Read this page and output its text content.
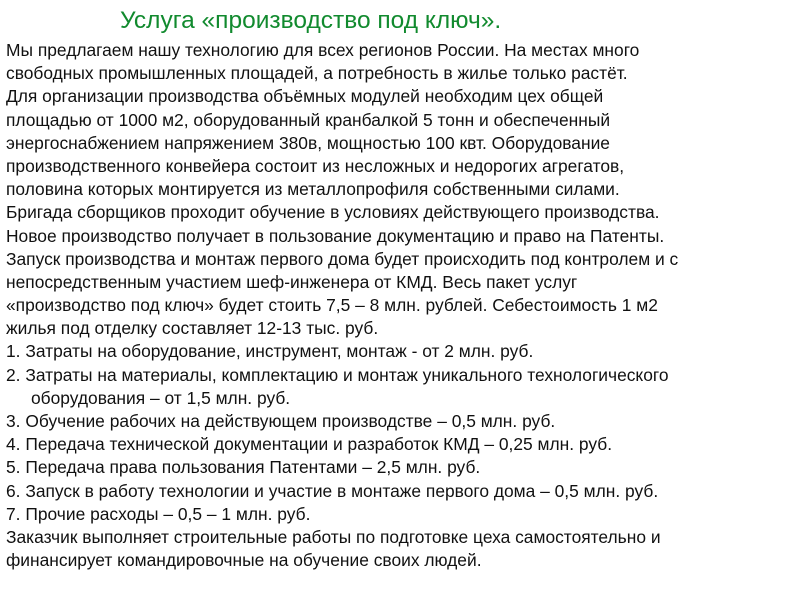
Услуга «производство под ключ».
Мы предлагаем нашу технологию для всех регионов России. На местах много
свободных промышленных площадей, а потребность в жилье только растёт.
Для организации производства объёмных модулей необходим цех общей
площадью от 1000 м2, оборудованный кранбалкой 5 тонн и обеспеченный
энергоснабжением напряжением 380в, мощностью 100 квт. Оборудование
производственного конвейера состоит из несложных и недорогих агрегатов,
половина которых монтируется из металлопрофиля собственными силами.
Бригада сборщиков проходит обучение в условиях действующего производства.
Новое производство получает в пользование документацию и право на Патенты.
Запуск производства и монтаж первого дома будет происходить под контролем и с
непосредственным участием шеф-инженера от КМД. Весь пакет услуг
«производство под ключ» будет стоить 7,5 – 8 млн. рублей. Себестоимость 1 м2
жилья под отделку составляет 12-13 тыс. руб.
1. Затраты на оборудование, инструмент, монтаж - от 2 млн. руб.
2. Затраты на материалы, комплектацию и монтаж уникального технологического
оборудования – от 1,5 млн. руб.
3. Обучение рабочих на действующем производстве – 0,5 млн. руб.
4. Передача технической документации и разработок КМД – 0,25 млн. руб.
5. Передача права пользования Патентами – 2,5 млн. руб.
6. Запуск в работу технологии и участие в монтаже первого дома – 0,5 млн. руб.
7. Прочие расходы – 0,5 – 1 млн. руб.
Заказчик выполняет строительные работы по подготовке цеха самостоятельно и
финансирует командировочные на обучение своих людей.
